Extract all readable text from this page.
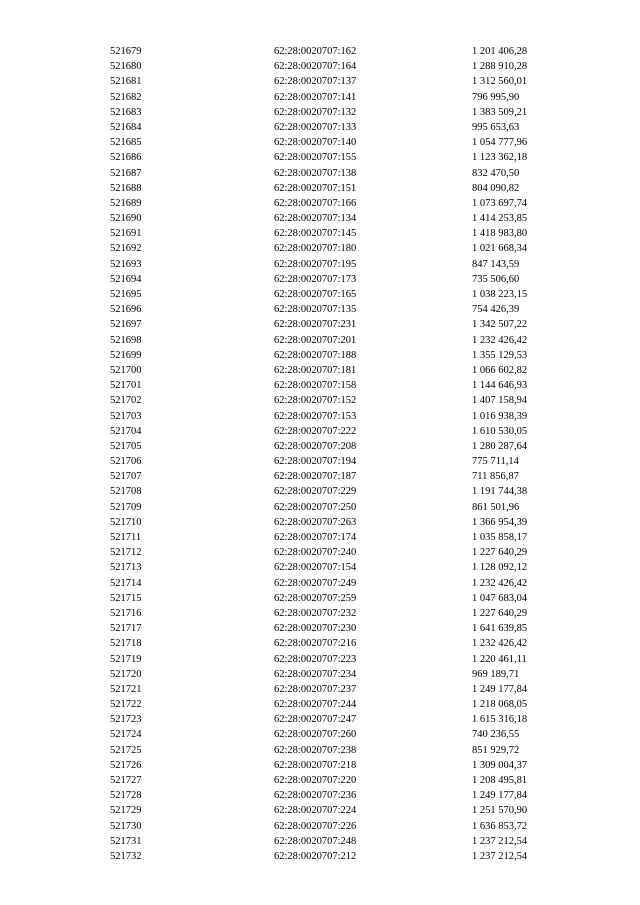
521679	62:28:0020707:162	1 201 406,28
521680	62:28:0020707:164	1 288 910,28
521681	62:28:0020707:137	1 312 560,01
521682	62:28:0020707:141	796 995,90
521683	62:28:0020707:132	1 383 509,21
521684	62:28:0020707:133	995 653,63
521685	62:28:0020707:140	1 054 777,96
521686	62:28:0020707:155	1 123 362,18
521687	62:28:0020707:138	832 470,50
521688	62:28:0020707:151	804 090,82
521689	62:28:0020707:166	1 073 697,74
521690	62:28:0020707:134	1 414 253,85
521691	62:28:0020707:145	1 418 983,80
521692	62:28:0020707:180	1 021 668,34
521693	62:28:0020707:195	847 143,59
521694	62:28:0020707:173	735 506,60
521695	62:28:0020707:165	1 038 223,15
521696	62:28:0020707:135	754 426,39
521697	62:28:0020707:231	1 342 507,22
521698	62:28:0020707:201	1 232 426,42
521699	62:28:0020707:188	1 355 129,53
521700	62:28:0020707:181	1 066 602,82
521701	62:28:0020707:158	1 144 646,93
521702	62:28:0020707:152	1 407 158,94
521703	62:28:0020707:153	1 016 938,39
521704	62:28:0020707:222	1 610 530,05
521705	62:28:0020707:208	1 280 287,64
521706	62:28:0020707:194	775 711,14
521707	62:28:0020707:187	711 856,87
521708	62:28:0020707:229	1 191 744,38
521709	62:28:0020707:250	861 501,96
521710	62:28:0020707:263	1 366 954,39
521711	62:28:0020707:174	1 035 858,17
521712	62:28:0020707:240	1 227 640,29
521713	62:28:0020707:154	1 128 092,12
521714	62:28:0020707:249	1 232 426,42
521715	62:28:0020707:259	1 047 683,04
521716	62:28:0020707:232	1 227 640,29
521717	62:28:0020707:230	1 641 639,85
521718	62:28:0020707:216	1 232 426,42
521719	62:28:0020707:223	1 220 461,11
521720	62:28:0020707:234	969 189,71
521721	62:28:0020707:237	1 249 177,84
521722	62:28:0020707:244	1 218 068,05
521723	62:28:0020707:247	1 615 316,18
521724	62:28:0020707:260	740 236,55
521725	62:28:0020707:238	851 929,72
521726	62:28:0020707:218	1 309 004,37
521727	62:28:0020707:220	1 208 495,81
521728	62:28:0020707:236	1 249 177,84
521729	62:28:0020707:224	1 251 570,90
521730	62:28:0020707:226	1 636 853,72
521731	62:28:0020707:248	1 237 212,54
521732	62:28:0020707:212	1 237 212,54
